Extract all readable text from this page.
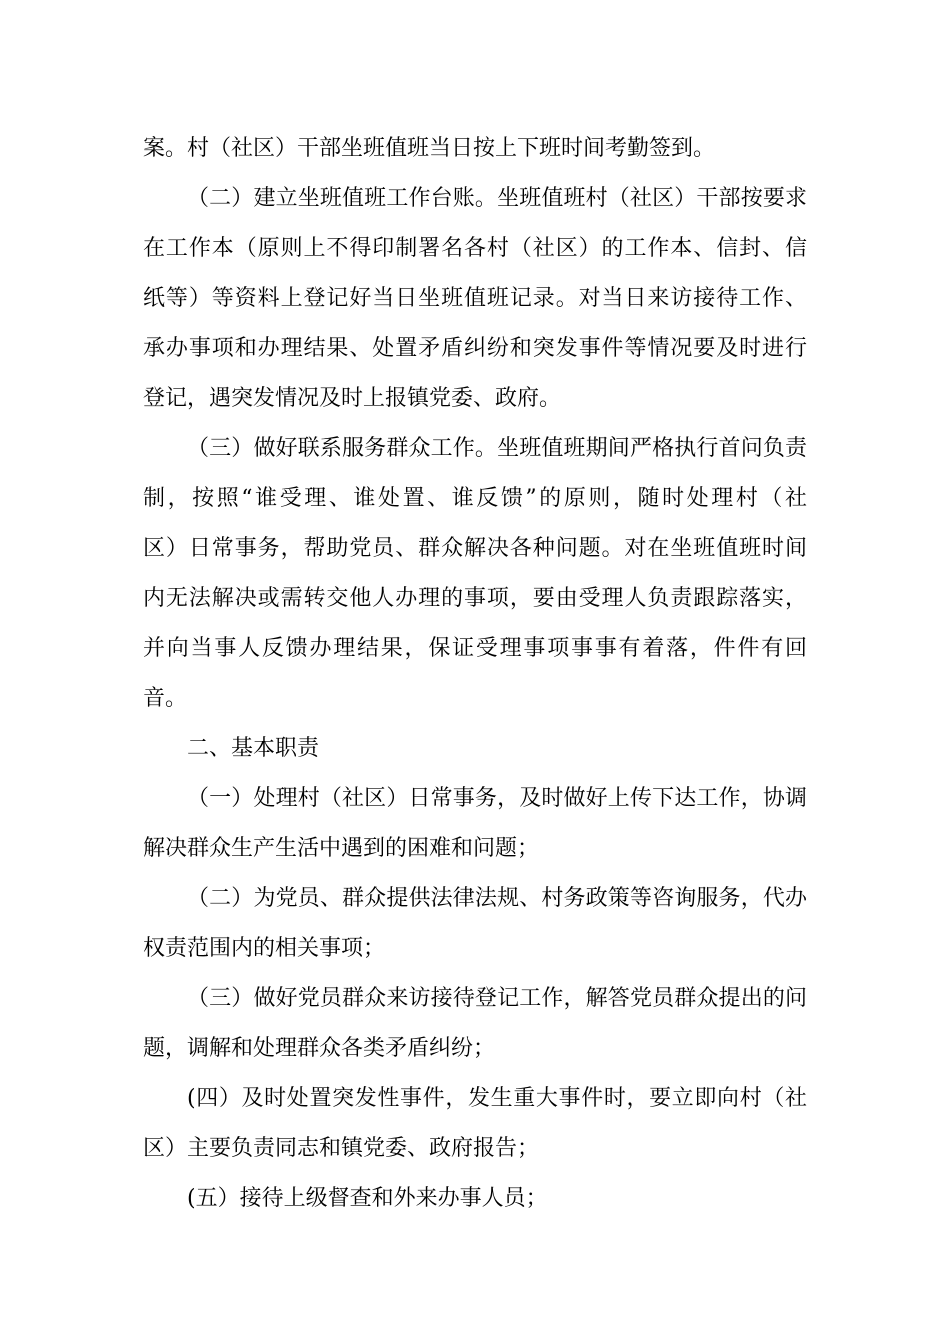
案。村（社区）干部坐班值班当日按上下班时间考勤签到。
（二）建立坐班值班工作台账。坐班值班村（社区）干部按要求
在工作本（原则上不得印制署名各村（社区）的工作本、信封、信
纸等）等资料上登记好当日坐班值班记录。对当日来访接待工作、
承办事项和办理结果、处置矛盾纠纷和突发事件等情况要及时进行
登记，遇突发情况及时上报镇党委、政府。
（三）做好联系服务群众工作。坐班值班期间严格执行首问负责
制，按照“谁受理、谁处置、谁反馈”的原则，随时处理村（社
区）日常事务，帮助党员、群众解决各种问题。对在坐班值班时间
内无法解决或需转交他人办理的事项，要由受理人负责跟踪落实，
并向当事人反馈办理结果，保证受理事项事事有着落，件件有回
音。
二、基本职责
（一）处理村（社区）日常事务，及时做好上传下达工作，协调
解决群众生产生活中遇到的困难和问题；
（二）为党员、群众提供法律法规、村务政策等咨询服务，代办
权责范围内的相关事项；
（三）做好党员群众来访接待登记工作，解答党员群众提出的问
题，调解和处理群众各类矛盾纠纷；
(四）及时处置突发性事件，发生重大事件时，要立即向村（社
区）主要负责同志和镇党委、政府报告；
(五）接待上级督查和外来办事人员；
